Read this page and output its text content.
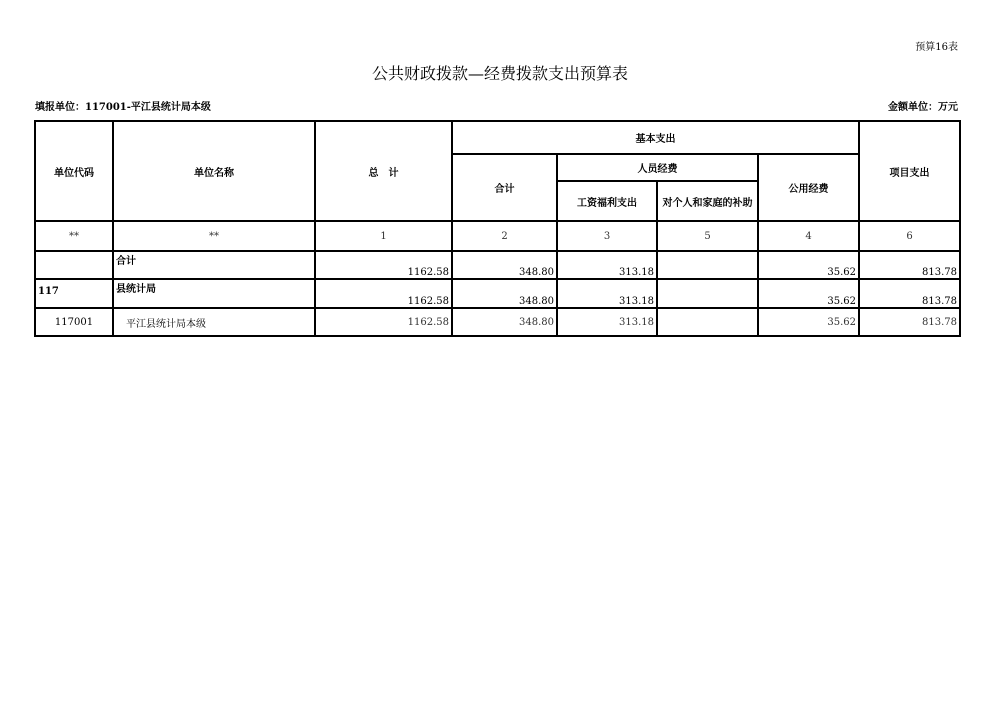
预算16表
公共财政拨款—经费拨款支出预算表
填报单位：117001-平江县统计局本级	金额单位：万元
单位代码	单位名称	总　计	基本支出				项目支出
			合计	人员经费		公用经费	
				工资福利支出	对个人和家庭的补助		
**	**	1	2	3	5	4	6
	合计	1162.58	348.80	313.18		35.62	813.78
117	县统计局	1162.58	348.80	313.18		35.62	813.78
117001	平江县统计局本级	1162.58	348.80	313.18		35.62	813.78
